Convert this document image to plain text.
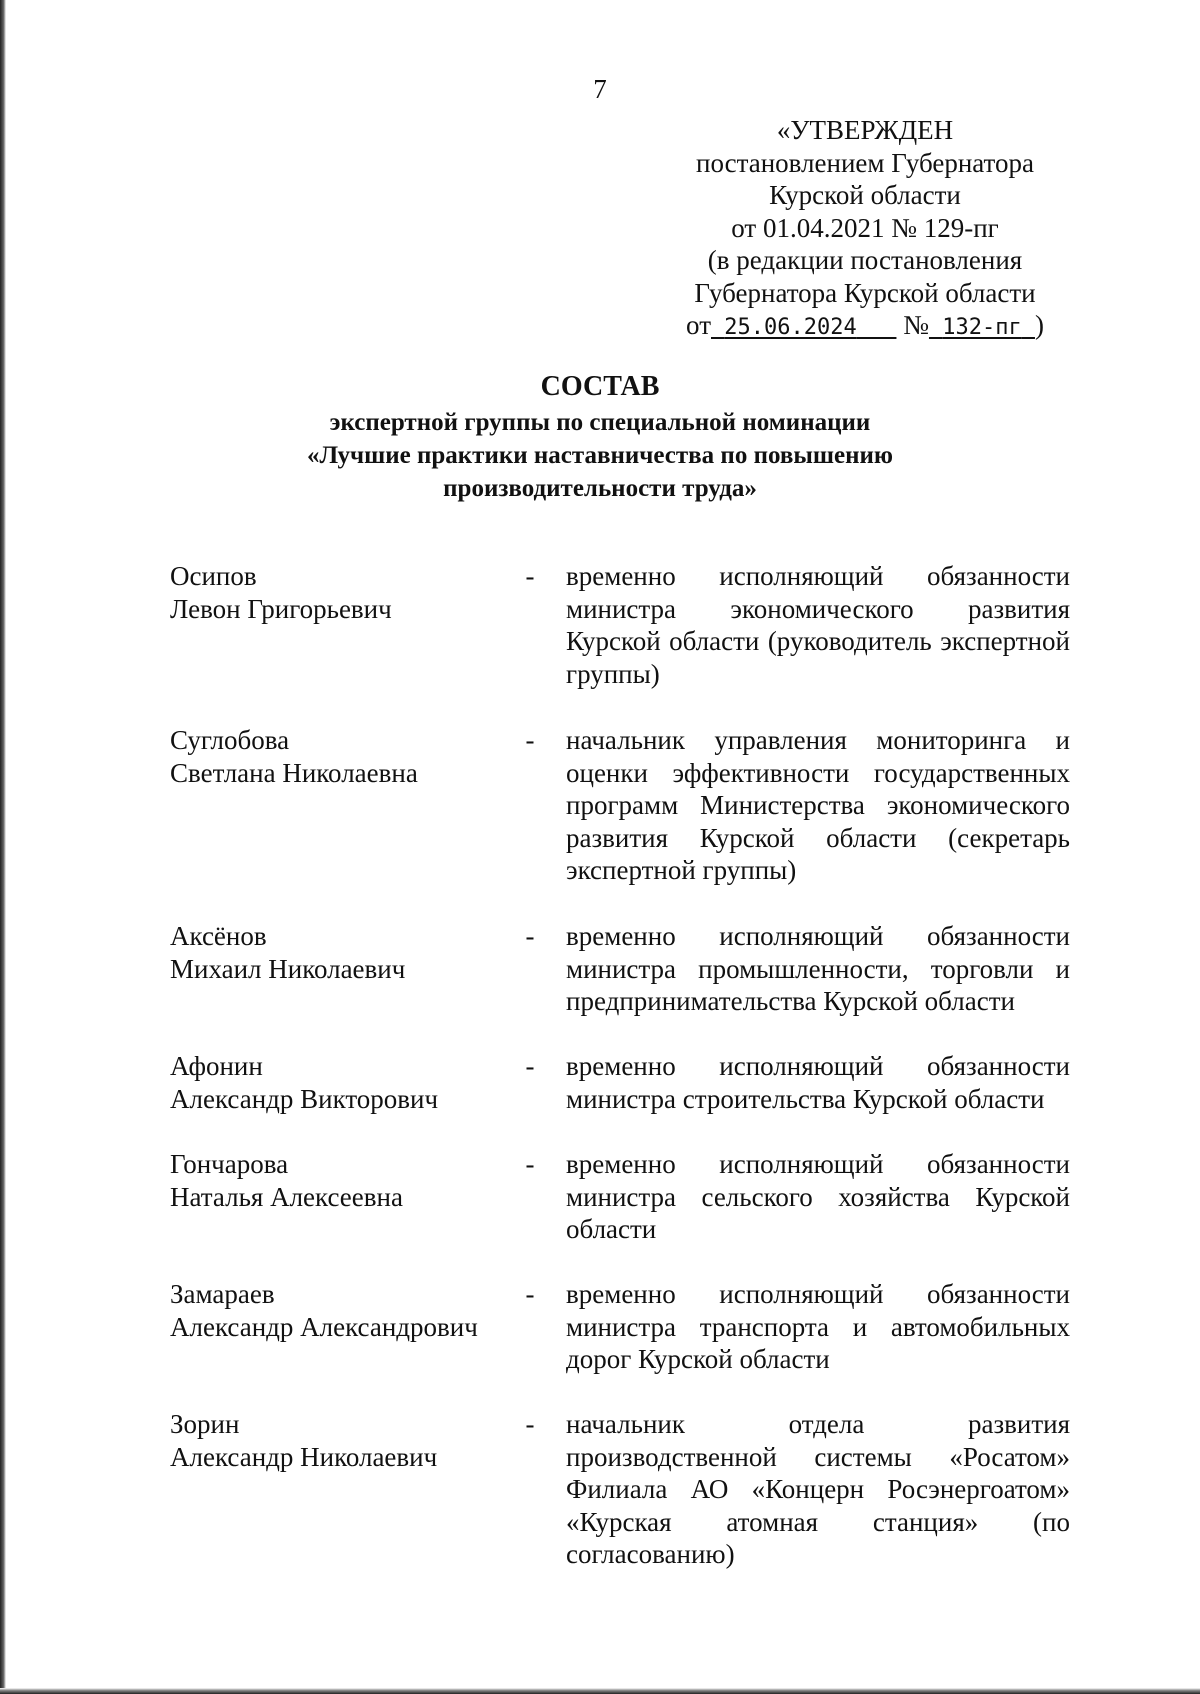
7
«УТВЕРЖДЕН
постановлением Губернатора
Курской области
от 01.04.2021 № 129-пг
(в редакции постановления
Губернатора Курской области
от 25.06.2024 № 132-пг )
СОСТАВ
экспертной группы по специальной номинации
«Лучшие практики наставничества по повышению
производительности труда»
Осипов
Левон Григорьевич
- временно исполняющий обязанности министра экономического развития Курской области (руководитель экспертной группы)
Суглобова
Светлана Николаевна
- начальник управления мониторинга и оценки эффективности государственных программ Министерства экономического развития Курской области (секретарь экспертной группы)
Аксёнов
Михаил Николаевич
- временно исполняющий обязанности министра промышленности, торговли и предпринимательства Курской области
Афонин
Александр Викторович
- временно исполняющий обязанности министра строительства Курской области
Гончарова
Наталья Алексеевна
- временно исполняющий обязанности министра сельского хозяйства Курской области
Замараев
Александр Александрович
- временно исполняющий обязанности министра транспорта и автомобильных дорог Курской области
Зорин
Александр Николаевич
- начальник отдела развития производственной системы «Росатом» Филиала АО «Концерн Росэнергоатом» «Курская атомная станция» (по согласованию)
